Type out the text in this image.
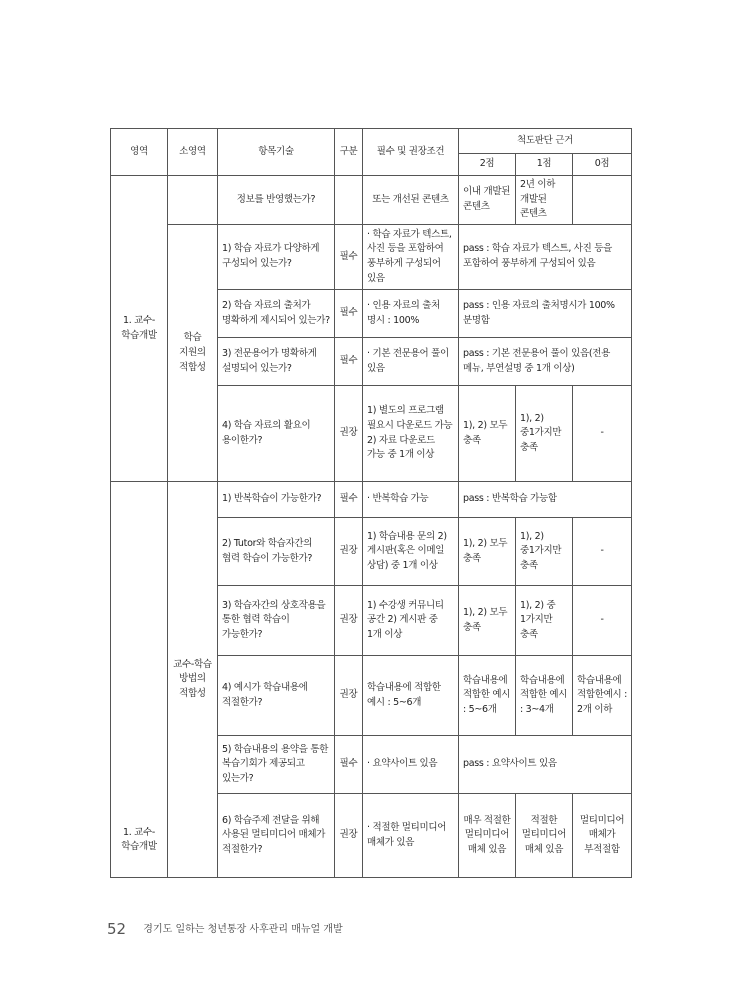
영역	소영역	항목기술	구분	필수 및 권장조건	척도판단 근거		
					2점	1점	0점
1. 교수-학습개발		정보를 반영했는가?		또는 개선된 콘텐츠	이내 개발된 콘텐츠	2년 이하 개발된 콘텐츠	
	학습 지원의 적합성	1) 학습 자료가 다양하게 구성되어 있는가?	필수	· 학습 자료가 텍스트, 사진 등을 포함하여 풍부하게 구성되어 있음	pass : 학습 자료가 텍스트, 사진 등을 포함하여 풍부하게 구성되어 있음		
		2) 학습 자료의 출처가 명확하게 제시되어 있는가?	필수	· 인용 자료의 출처 명시 : 100%	pass : 인용 자료의 출처명시가 100% 분명함		
		3) 전문용어가 명확하게 설명되어 있는가?	필수	· 기본 전문용어 풀이 있음	pass : 기본 전문용어 풀이 있음(전용 메뉴, 부연설명 중 1개 이상)		
		4) 학습 자료의 활요이 용이한가?	권장	1) 별도의 프로그램 필요시 다운로드 가능 2) 자료 다운로드 가능 중 1개 이상	1), 2) 모두 충족	1), 2) 중1가지만 충족	-
1. 교수-학습개발	교수-학습 방법의 적합성	1) 반복학습이 가능한가?	필수	· 반복학습 가능	pass : 반복학습 가능함		
		2) Tutor와 학습자간의 협력 학습이 가능한가?	권장	1) 학습내용 문의 2) 게시판(혹은 이메일 상담) 중 1개 이상	1), 2) 모두 충족	1), 2) 중1가지만 충족	-
		3) 학습자간의 상호작용을 통한 협력 학습이 가능한가?	권장	1) 수강생 커뮤니티 공간 2) 게시판 중 1개 이상	1), 2) 모두 충족	1), 2) 중 1가지만 충족	-
		4) 예시가 학습내용에 적절한가?	권장	학습내용에 적합한 예시 : 5~6개	학습내용에 적합한 예시 : 5~6개	학습내용에 적합한 예시 : 3~4개	학습내용에 적합한예시 : 2개 이하
		5) 학습내용의 용약을 통한 복습기회가 제공되고 있는가?	필수	· 요약사이트 있음	pass : 요약사이트 있음		
		6) 학습주제 전달을 위해 사용된 멀티미디어 매체가 적절한가?	권장	· 적절한 멀티미디어 매체가 있음	매우 적절한 멀티미디어 매체 있음	적절한 멀티미디어 매체 있음	멀티미디어 매체가 부적절함
52 경기도 일하는 청년통장 사후관리 매뉴얼 개발
